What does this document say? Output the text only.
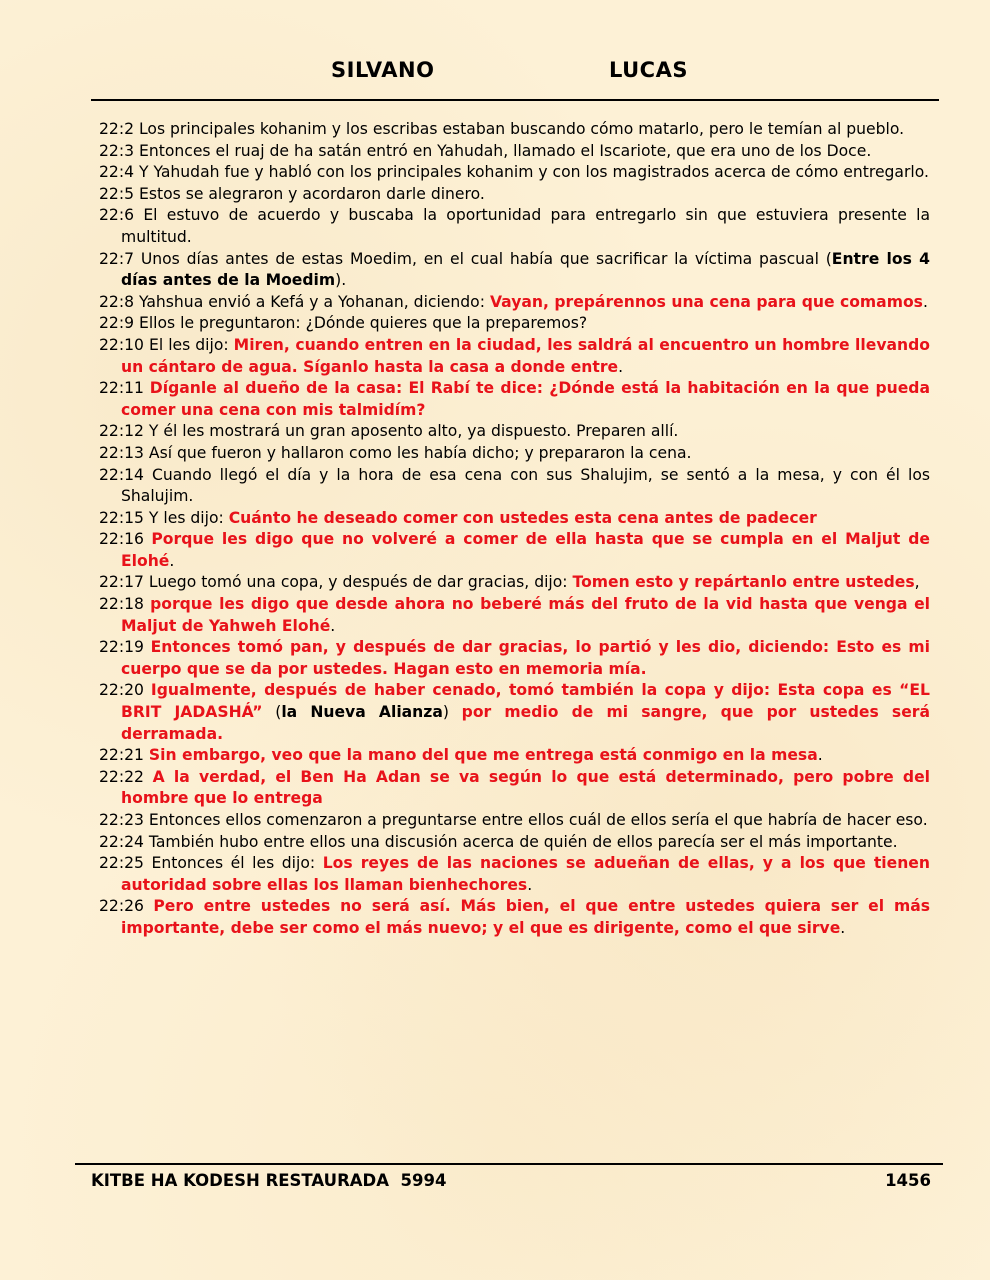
SILVANO	LUCAS

22:2 Los principales kohanim y los escribas estaban buscando cómo matarlo, pero le temían al pueblo.

22:3 Entonces el ruaj de ha satán entró en Yahudah, llamado el Iscariote, que era uno de los Doce.

22:4 Y Yahudah fue y habló con los principales kohanim y con los magistrados acerca de cómo entregarlo.

22:5 Estos se alegraron y acordaron darle dinero.

22:6 El estuvo de acuerdo y buscaba la oportunidad para entregarlo sin que estuviera presente la multitud.

22:7 Unos días antes de estas Moedim, en el cual había que sacrificar la víctima pascual (Entre los 4 días antes de la Moedim).

22:8 Yahshua envió a Kefá y a Yohanan, diciendo: Vayan, prepárennos una cena para que comamos.

22:9 Ellos le preguntaron: ¿Dónde quieres que la preparemos?

22:10 El les dijo: Miren, cuando entren en la ciudad, les saldrá al encuentro un hombre llevando un cántaro de agua. Síganlo hasta la casa a donde entre.

22:11 Díganle al dueño de la casa: El Rabí te dice: ¿Dónde está la habitación en la que pueda comer una cena con mis talmidím?

22:12 Y él les mostrará un gran aposento alto, ya dispuesto. Preparen allí.

22:13 Así que fueron y hallaron como les había dicho; y prepararon la cena.

22:14 Cuando llegó el día y la hora de esa cena con sus Shalujim, se sentó a la mesa, y con él los Shalujim.

22:15 Y les dijo: Cuánto he deseado comer con ustedes esta cena antes de padecer

22:16 Porque les digo que no volveré a comer de ella hasta que se cumpla en el Maljut de Elohé.

22:17 Luego tomó una copa, y después de dar gracias, dijo: Tomen esto y repártanlo entre ustedes,

22:18 porque les digo que desde ahora no beberé más del fruto de la vid hasta que venga el Maljut de Yahweh Elohé.

22:19 Entonces tomó pan, y después de dar gracias, lo partió y les dio, diciendo: Esto es mi cuerpo que se da por ustedes. Hagan esto en memoria mía.

22:20 Igualmente, después de haber cenado, tomó también la copa y dijo: Esta copa es “EL BRIT JADASHÁ” (la Nueva Alianza) por medio de mi sangre, que por ustedes será derramada.

22:21 Sin embargo, veo que la mano del que me entrega está conmigo en la mesa.

22:22 A la verdad, el Ben Ha Adan se va según lo que está determinado, pero pobre del hombre que lo entrega

22:23 Entonces ellos comenzaron a preguntarse entre ellos cuál de ellos sería el que habría de hacer eso.

22:24 También hubo entre ellos una discusión acerca de quién de ellos parecía ser el más importante.

22:25 Entonces él les dijo: Los reyes de las naciones se adueñan de ellas, y a los que tienen autoridad sobre ellas los llaman bienhechores.

22:26 Pero entre ustedes no será así. Más bien, el que entre ustedes quiera ser el más importante, debe ser como el más nuevo; y el que es dirigente, como el que sirve.

KITBE HA KODESH RESTAURADA  5994	1456
